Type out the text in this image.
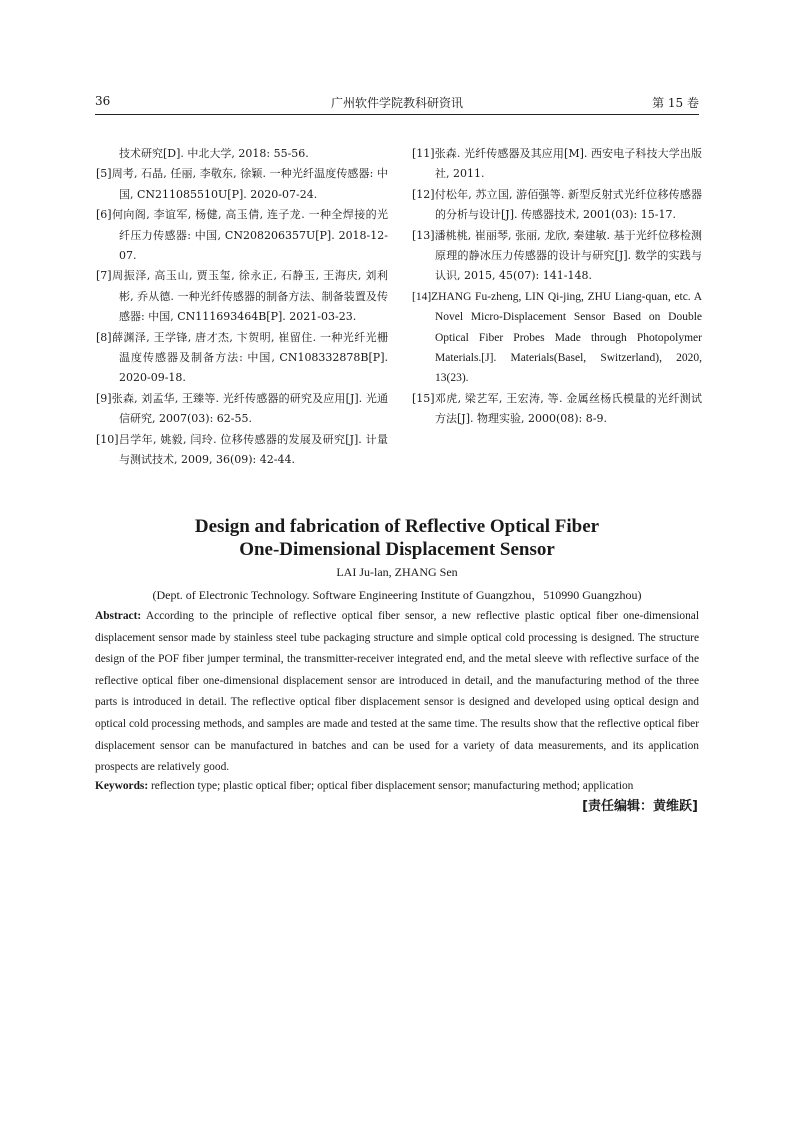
36	广州软件学院教科研资讯	第 15 卷

技术研究[D]. 中北大学, 2018: 55-56.

[5]周考, 石晶, 任丽, 李敬东, 徐颖. 一种光纤温度传感器: 中国, CN211085510U[P]. 2020-07-24.

[6]何向阁, 李谊军, 杨健, 高玉倩, 连子龙. 一种全焊接的光纤压力传感器: 中国, CN208206357U[P]. 2018-12-07.

[7]周振泽, 高玉山, 贾玉玺, 徐永正, 石静玉, 王海庆, 刘利彬, 乔从德. 一种光纤传感器的制备方法、制备装置及传感器: 中国, CN111693464B[P]. 2021-03-23.

[8]薛渊泽, 王学锋, 唐才杰, 卞贺明, 崔留住. 一种光纤光栅温度传感器及制备方法: 中国, CN108332878B[P]. 2020-09-18.

[9]张森, 刘孟华, 王臻等. 光纤传感器的研究及应用[J]. 光通信研究, 2007(03): 62-55.

[10]吕学年, 姚毅, 闫玲. 位移传感器的发展及研究[J]. 计量与测试技术, 2009, 36(09): 42-44.

[11]张森. 光纤传感器及其应用[M]. 西安电子科技大学出版社, 2011.

[12]付松年, 苏立国, 游佰强等. 新型反射式光纤位移传感器的分析与设计[J]. 传感器技术, 2001(03): 15-17.

[13]潘桃桃, 崔丽琴, 张丽, 龙欣, 秦建敏. 基于光纤位移检测原理的静冰压力传感器的设计与研究[J]. 数学的实践与认识, 2015, 45(07): 141-148.

[14]ZHANG Fu-zheng, LIN Qi-jing, ZHU Liang-quan, etc. A Novel Micro-Displacement Sensor Based on Double Optical Fiber Probes Made through Photopolymer Materials.[J]. Materials(Basel, Switzerland), 2020, 13(23).

[15]邓虎, 梁艺军, 王宏涛, 等. 金属丝杨氏模量的光纤测试方法[J]. 物理实验, 2000(08): 8-9.

Design and fabrication of Reflective Optical Fiber
One-Dimensional Displacement Sensor
LAI Ju-lan, ZHANG Sen
(Dept. of Electronic Technology. Software Engineering Institute of Guangzhou，510990 Guangzhou)

Abstract: According to the principle of reflective optical fiber sensor, a new reflective plastic optical fiber one-dimensional displacement sensor made by stainless steel tube packaging structure and simple optical cold processing is designed. The structure design of the POF fiber jumper terminal, the transmitter-receiver integrated end, and the metal sleeve with reflective surface of the reflective optical fiber one-dimensional displacement sensor are introduced in detail, and the manufacturing method of the three parts is introduced in detail. The reflective optical fiber displacement sensor is designed and developed using optical design and optical cold processing methods, and samples are made and tested at the same time. The results show that the reflective optical fiber displacement sensor can be manufactured in batches and can be used for a variety of data measurements, and its application prospects are relatively good.

Keywords: reflection type; plastic optical fiber; optical fiber displacement sensor; manufacturing method; application

[责任编辑：黄维跃]
